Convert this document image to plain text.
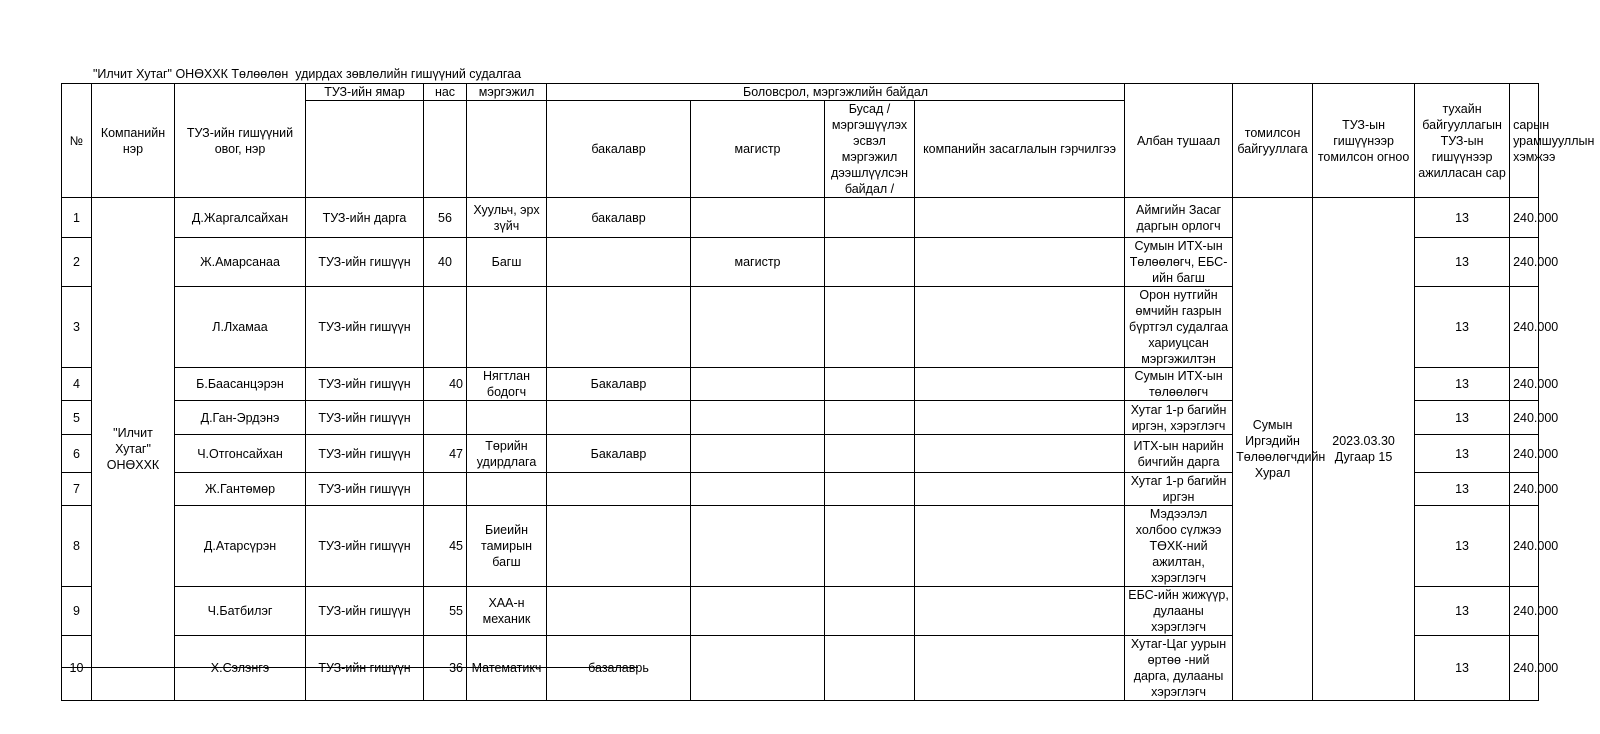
"Илчит Хутаг" ОНӨХХК Төлөөлөн  удирдах зөвлөлийн гишүүний судалгаа
№	Компанийн нэр	ТУЗ-ийн гишүүний овог, нэр	ТУЗ-ийн ямар	нас	мэргэжил	Боловсрол, мэргэжлийн байдал				Албан тушаал	томилсон байгууллага	ТУЗ-ын гишүүнээр томилсон огноо	тухайн байгууллагын ТУЗ-ын гишүүнээр ажилласан сар	сарын урамшууллын хэмжээ
						бакалавр	магистр	Бусад /мэргэшүүлэх эсвэл мэргэжил дээшлүүлсэн байдал /	компанийн засаглалын гэрчилгээ					
1	"Илчит Хутаг" ОНӨХХК	Д.Жаргалсайхан	ТУЗ-ийн дарга	56	Хуульч, эрх зүйч	бакалавр				Аймгийн Засаг даргын орлогч	Сумын Иргэдийн Төлөөлөгчдийн Хурал	2023.03.30 Дугаар 15	13	240.000
2		Ж.Амарсанаа	ТУЗ-ийн гишүүн	40	Багш		магистр			Сумын ИТХ-ын Төлөөлөгч, ЕБС-ийн багш			13	240.000
3		Л.Лхамаа	ТУЗ-ийн гишүүн							Орон нутгийн өмчийн газрын бүртгэл судалгаа хариуцсан мэргэжилтэн			13	240.000
4		Б.Баасанцэрэн	ТУЗ-ийн гишүүн	40	Нягтлан бодогч	Бакалавр				Сумын ИТХ-ын төлөөлөгч			13	240.000
5		Д.Ган-Эрдэнэ	ТУЗ-ийн гишүүн							Хутаг 1-р багийн иргэн, хэрэглэгч			13	240.000
6		Ч.Отгонсайхан	ТУЗ-ийн гишүүн	47	Төрийн удирдлага	Бакалавр				ИТХ-ын нарийн бичгийн дарга			13	240.000
7		Ж.Гантөмөр	ТУЗ-ийн гишүүн							Хутаг 1-р багийн иргэн			13	240.000
8		Д.Атарсүрэн	ТУЗ-ийн гишүүн	45	Биеийн тамирын багш					Мэдээлэл холбоо сүлжээ ТӨХК-ний ажилтан, хэрэглэгч			13	240.000
9		Ч.Батбилэг	ТУЗ-ийн гишүүн	55	ХАА-н механик					ЕБС-ийн жижүүр, дулааны хэрэглэгч			13	240.000
10		Х.Сэлэнгэ	ТУЗ-ийн гишүүн	36	Математикч	базалаврь				Хутаг-Цаг уурын өртөө -ний дарга, дулааны хэрэглэгч			13	240.000
